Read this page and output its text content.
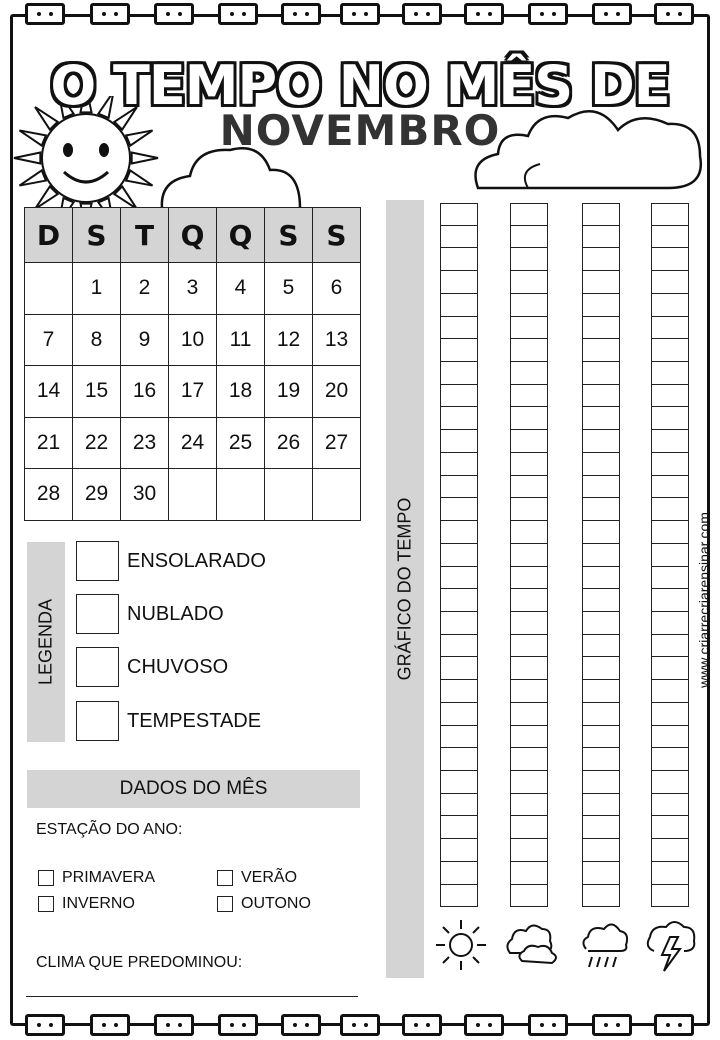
O TEMPO NO MÊS DE
NOVEMBRO
D	S	T	Q	Q	S	S
	1	2	3	4	5	6
7	8	9	10	11	12	13
14	15	16	17	18	19	20
21	22	23	24	25	26	27
28	29	30				
LEGENDA
ENSOLARADO
NUBLADO
CHUVOSO
TEMPESTADE
DADOS DO MÊS
ESTAÇÃO DO ANO:
PRIMAVERA	VERÃO
INVERNO	OUTONO
CLIMA QUE PREDOMINOU:
GRÁFICO DO TEMPO	www.criarrecriarensinar.com
